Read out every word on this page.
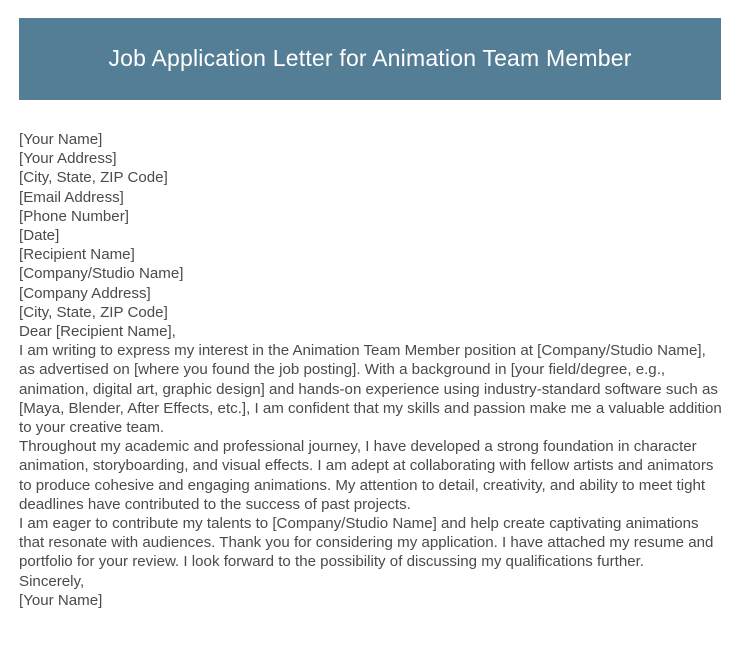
Job Application Letter for Animation Team Member
[Your Name]
[Your Address]
[City, State, ZIP Code]
[Email Address]
[Phone Number]
[Date]
[Recipient Name]
[Company/Studio Name]
[Company Address]
[City, State, ZIP Code]
Dear [Recipient Name],

I am writing to express my interest in the Animation Team Member position at [Company/Studio Name], as advertised on [where you found the job posting]. With a background in [your field/degree, e.g., animation, digital art, graphic design] and hands-on experience using industry-standard software such as [Maya, Blender, After Effects, etc.], I am confident that my skills and passion make me a valuable addition to your creative team.

Throughout my academic and professional journey, I have developed a strong foundation in character animation, storyboarding, and visual effects. I am adept at collaborating with fellow artists and animators to produce cohesive and engaging animations. My attention to detail, creativity, and ability to meet tight deadlines have contributed to the success of past projects.

I am eager to contribute my talents to [Company/Studio Name] and help create captivating animations that resonate with audiences. Thank you for considering my application. I have attached my resume and portfolio for your review. I look forward to the possibility of discussing my qualifications further.

Sincerely,
[Your Name]
